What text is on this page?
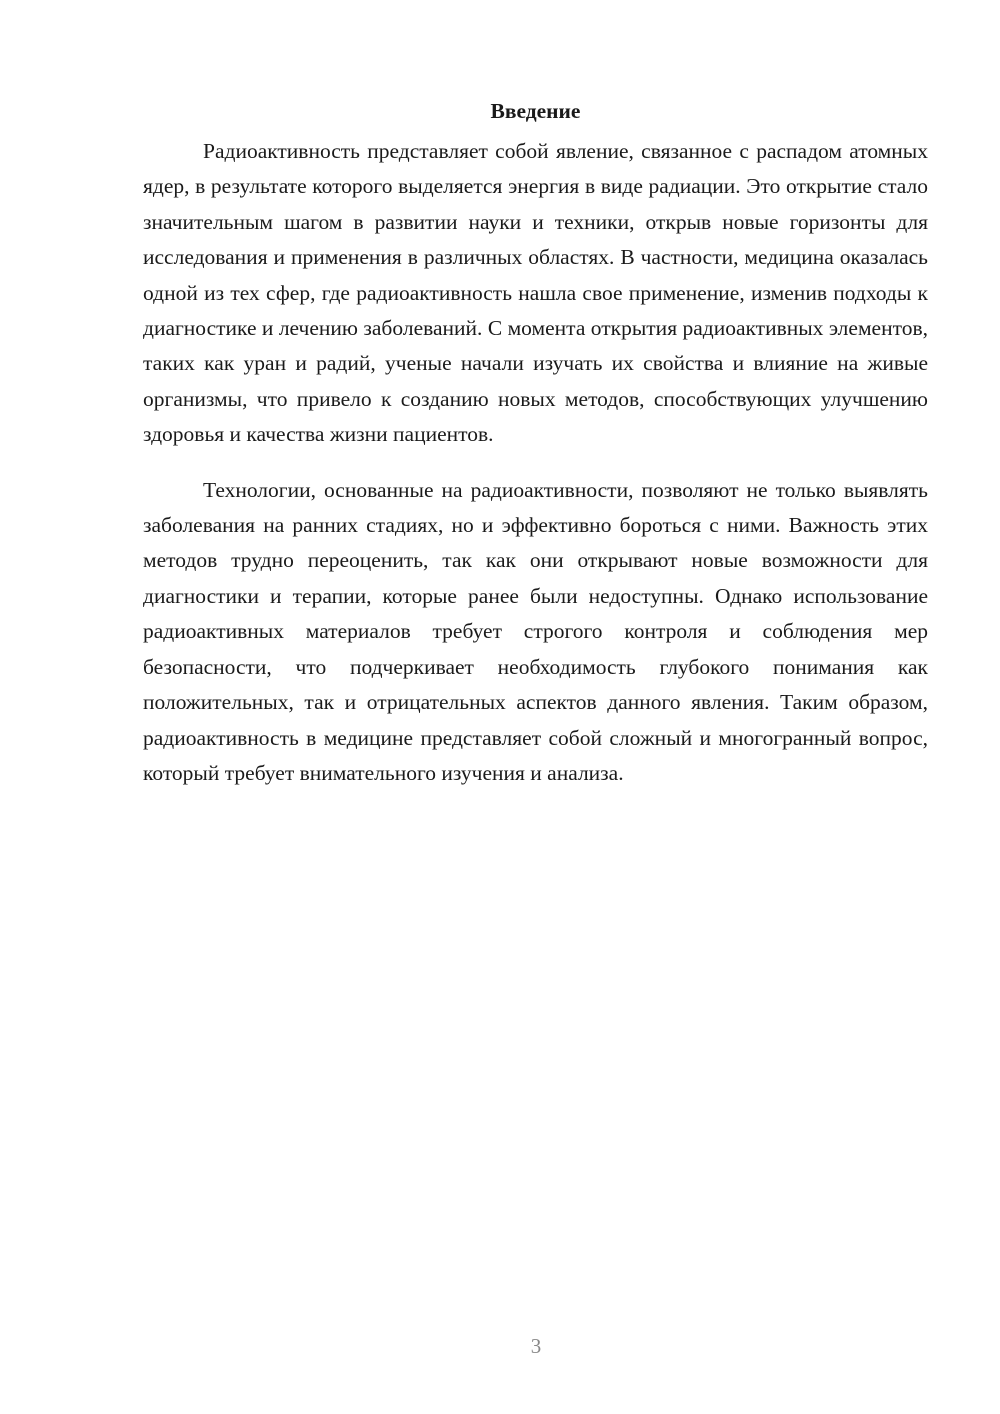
Введение

Радиоактивность представляет собой явление, связанное с распадом атомных ядер, в результате которого выделяется энергия в виде радиации. Это открытие стало значительным шагом в развитии науки и техники, открыв новые горизонты для исследования и применения в различных областях. В частности, медицина оказалась одной из тех сфер, где радиоактивность нашла свое применение, изменив подходы к диагностике и лечению заболеваний. С момента открытия радиоактивных элементов, таких как уран и радий, ученые начали изучать их свойства и влияние на живые организмы, что привело к созданию новых методов, способствующих улучшению здоровья и качества жизни пациентов.

Технологии, основанные на радиоактивности, позволяют не только выявлять заболевания на ранних стадиях, но и эффективно бороться с ними. Важность этих методов трудно переоценить, так как они открывают новые возможности для диагностики и терапии, которые ранее были недоступны. Однако использование радиоактивных материалов требует строгого контроля и соблюдения мер безопасности, что подчеркивает необходимость глубокого понимания как положительных, так и отрицательных аспектов данного явления. Таким образом, радиоактивность в медицине представляет собой сложный и многогранный вопрос, который требует внимательного изучения и анализа.

3
